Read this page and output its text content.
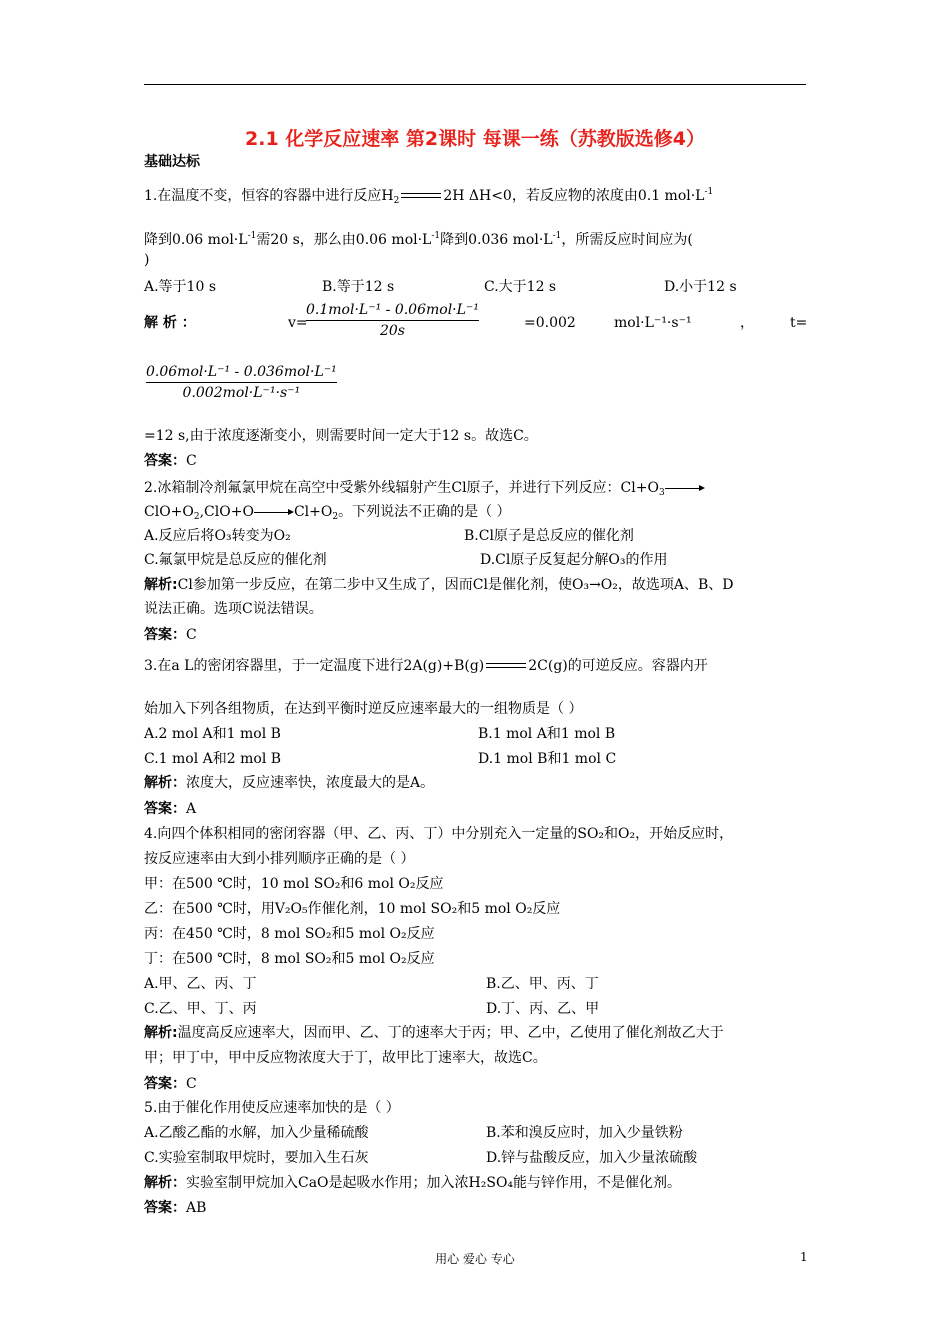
2.1 化学反应速率 第2课时 每课一练（苏教版选修4）
基础达标
1.在温度不变，恒容的容器中进行反应$H_2$	2H ΔH<0，若反应物的浓度由0.1 $mol\cdot L^{-1}$
降到0.06 $mol\cdot L^{-1}$需20 s，那么由0.06 $mol\cdot L^{-1}$降到0.036 $mol\cdot L^{-1}$，所需反应时间应为(
)
A.等于10 s	B.等于12 s	C.大于12 s	D.小于12 s
解 析 ：	v=
0.1mol·L⁻¹ - 0.06mol·L⁻¹
20s	=0.002	mol·L⁻¹·s⁻¹	，	t=
0.06mol·L⁻¹ - 0.036mol·L⁻¹
0.002mol·L⁻¹·s⁻¹
=12 s,由于浓度逐渐变小，则需要时间一定大于12 s。故选C。
答案：C
2.冰箱制冷剂氟氯甲烷在高空中受紫外线辐射产生Cl原子，并进行下列反应：$Cl+O_3$
$ClO+O_2,ClO+O$	$Cl+O_2$。下列说法不正确的是（ ）
A.反应后将O₃转变为O₂	B.Cl原子是总反应的催化剂
C.氟氯甲烷是总反应的催化剂	D.Cl原子反复起分解O₃的作用
解析:Cl参加第一步反应，在第二步中又生成了，因而Cl是催化剂，使O₃→O₂，故选项A、B、D
说法正确。选项C说法错误。
答案：C
3.在a L的密闭容器里，于一定温度下进行2A(g)+B(g)	2C(g)的可逆反应。容器内开
始加入下列各组物质，在达到平衡时逆反应速率最大的一组物质是（ ）
A.2 mol A和1 mol B	B.1 mol A和1 mol B
C.1 mol A和2 mol B	D.1 mol B和1 mol C
解析：浓度大，反应速率快，浓度最大的是A。
答案：A
4.向四个体积相同的密闭容器（甲、乙、丙、丁）中分别充入一定量的SO₂和O₂，开始反应时，
按反应速率由大到小排列顺序正确的是（ ）
甲：在500 ℃时，10 mol SO₂和6 mol O₂反应
乙：在500 ℃时，用V₂O₅作催化剂，10 mol SO₂和5 mol O₂反应
丙：在450 ℃时，8 mol SO₂和5 mol O₂反应
丁：在500 ℃时，8 mol SO₂和5 mol O₂反应
A.甲、乙、丙、丁	B.乙、甲、丙、丁
C.乙、甲、丁、丙	D.丁、丙、乙、甲
解析:温度高反应速率大，因而甲、乙、丁的速率大于丙；甲、乙中，乙使用了催化剂故乙大于
甲；甲丁中，甲中反应物浓度大于丁，故甲比丁速率大，故选C。
答案：C
5.由于催化作用使反应速率加快的是（ ）
A.乙酸乙酯的水解，加入少量稀硫酸	B.苯和溴反应时，加入少量铁粉
C.实验室制取甲烷时，要加入生石灰	D.锌与盐酸反应，加入少量浓硫酸
解析：实验室制甲烷加入CaO是起吸水作用；加入浓H₂SO₄能与锌作用，不是催化剂。
答案：AB
用心 爱心 专心	1
